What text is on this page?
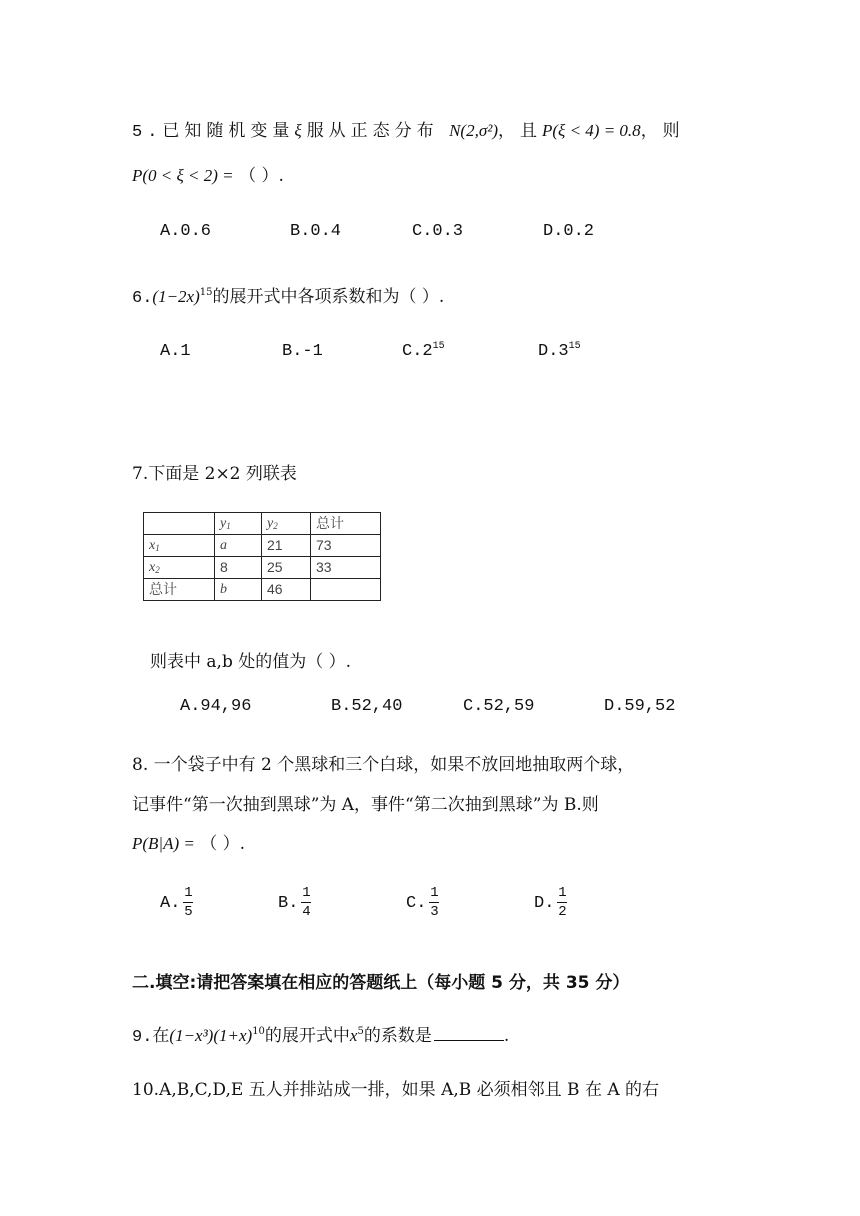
5.已知随机变量ξ服从正态分布 N(2,σ²)，且P(ξ < 4) = 0.8，则
P(0 < ξ < 2) = （ ）.
A.0.6	B.0.4	C.0.3	D.0.2
$6.(1-2x)^{15}$的展开式中各项系数和为（ ）.
A.1	B.-1	$C.2^{15}$	$D.3^{15}$
7.下面是 2×2 列联表
	$y_1$	$y_2$	总计
$x_1$	a	21	73
$x_2$	8	25	33
总计	b	46	
则表中 a,b 处的值为（ ）.
A.94,96	B.52,40	C.52,59	D.59,52
8. 一个袋子中有 2 个黑球和三个白球，如果不放回地抽取两个球，
记事件“第一次抽到黑球”为 A，事件“第二次抽到黑球”为 B.则
P(B|A) = （ ）.
A. $\frac{1}{5}$	B. $\frac{1}{4}$	C. $\frac{1}{3}$	D. $\frac{1}{2}$
二.填空:请把答案填在相应的答题纸上（每小题 5 分，共 35 分）
9.在$(1-x^3)(1+x)^{10}$的展开式中$x^5$的系数是	.
10.A,B,C,D,E 五人并排站成一排，如果 A,B 必须相邻且 B 在 A 的右
